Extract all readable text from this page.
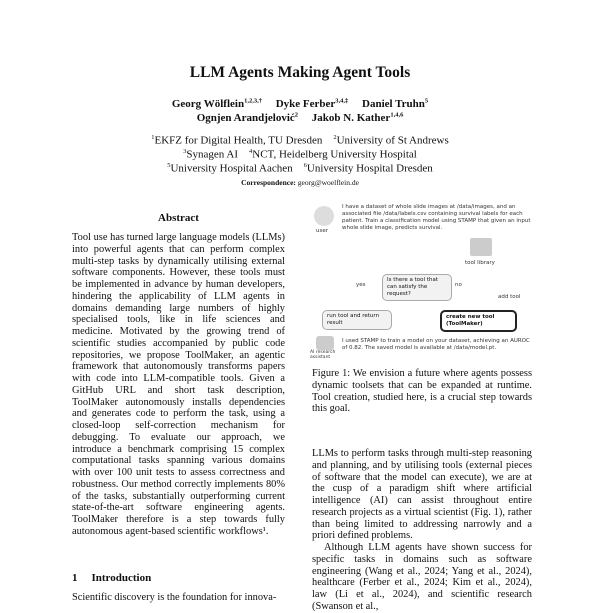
LLM Agents Making Agent Tools
Georg Wölflein$^{1,2,3,\dagger}$ Dyke Ferber$^{3,4,\ddagger}$ Daniel Truhn$^5$
Ognjen Arandjelović$^2$ Jakob N. Kather$^{1,4,6}$
$^1$EKFZ for Digital Health, TU Dresden $^2$University of St Andrews
$^3$Synagen AI $^4$NCT, Heidelberg University Hospital
$^5$University Hospital Aachen $^6$University Hospital Dresden
Correspondence: georg@woelflein.de
Abstract
Tool use has turned large language models (LLMs) into powerful agents that can perform complex multi-step tasks by dynamically utilising external software components. However, these tools must be implemented in advance by human developers, hindering the applicability of LLM agents in domains demanding large numbers of highly specialised tools, like in life sciences and medicine. Motivated by the growing trend of scientific studies accompanied by public code repositories, we propose ToolMaker, an agentic framework that autonomously transforms papers with code into LLM-compatible tools. Given a GitHub URL and short task description, ToolMaker autonomously installs dependencies and generates code to perform the task, using a closed-loop self-correction mechanism for debugging. To evaluate our approach, we introduce a benchmark comprising 15 complex computational tasks spanning various domains with over 100 unit tests to assess correctness and robustness. Our method correctly implements 80% of the tasks, substantially outperforming current state-of-the-art software engineering agents. ToolMaker therefore is a step towards fully autonomous agent-based scientific workflows¹.
1 Introduction
Scientific discovery is the foundation for innova-
user
I have a dataset of whole slide images at /data/images, and an associated file /data/labels.csv containing survival labels for each patient. Train a classification model using STAMP that given an input whole slide image, predicts survival.
tool library
Is there a tool that can satisfy the request?
yes	no
add tool
run tool and return result
create new tool (ToolMaker)
AI research assistant
I used STAMP to train a model on your dataset, achieving an AUROC of 0.82. The saved model is available at /data/model.pt.
Figure 1: We envision a future where agents possess dynamic toolsets that can be expanded at runtime. Tool creation, studied here, is a crucial step towards this goal.
LLMs to perform tasks through multi-step reasoning and planning, and by utilising tools (external pieces of software that the model can execute), we are at the cusp of a paradigm shift where artificial intelligence (AI) can assist throughout entire research projects as a virtual scientist (Fig. 1), rather than being limited to addressing narrowly and a priori defined problems.
Although LLM agents have shown success for specific tasks in domains such as software engineering (Wang et al., 2024; Yang et al., 2024), healthcare (Ferber et al., 2024; Kim et al., 2024), law (Li et al., 2024), and scientific research (Swanson et al.,
